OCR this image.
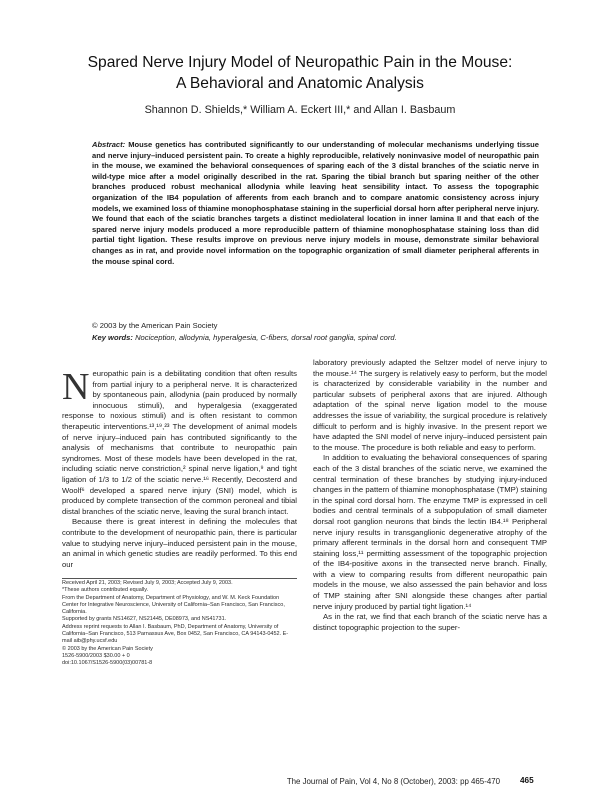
Spared Nerve Injury Model of Neuropathic Pain in the Mouse:
A Behavioral and Anatomic Analysis
Shannon D. Shields,* William A. Eckert III,* and Allan I. Basbaum
Abstract: Mouse genetics has contributed significantly to our understanding of molecular mechanisms underlying tissue and nerve injury–induced persistent pain. To create a highly reproducible, relatively noninvasive model of neuropathic pain in the mouse, we examined the behavioral consequences of sparing each of the 3 distal branches of the sciatic nerve in wild-type mice after a model originally described in the rat. Sparing the tibial branch but sparing neither of the other branches produced robust mechanical allodynia while leaving heat sensibility intact. To assess the topographic organization of the IB4 population of afferents from each branch and to compare anatomic consistency across injury models, we examined loss of thiamine monophosphatase staining in the superficial dorsal horn after peripheral nerve injury. We found that each of the sciatic branches targets a distinct mediolateral location in inner lamina II and that each of the spared nerve injury models produced a more reproducible pattern of thiamine monophosphatase staining loss than did partial tight ligation. These results improve on previous nerve injury models in mouse, demonstrate similar behavioral changes as in rat, and provide novel information on the topographic organization of small diameter peripheral afferents in the mouse spinal cord.
© 2003 by the American Pain Society
Key words: Nociception, allodynia, hyperalgesia, C-fibers, dorsal root ganglia, spinal cord.

Neuropathic pain is a debilitating condition that often results from partial injury to a peripheral nerve. It is characterized by spontaneous pain, allodynia (pain produced by normally innocuous stimuli), and hyperalgesia (exaggerated response to noxious stimuli) and is often resistant to common therapeutic interventions.¹³,¹⁹,²³ The development of animal models of nerve injury–induced pain has contributed significantly to the analysis of mechanisms that contribute to neuropathic pain syndromes. Most of these models have been developed in the rat, including sciatic nerve constriction,² spinal nerve ligation,⁹ and tight ligation of 1/3 to 1/2 of the sciatic nerve.¹⁶ Recently, Decosterd and Woolf⁶ developed a spared nerve injury (SNI) model, which is produced by complete transection of the common peroneal and tibial distal branches of the sciatic nerve, leaving the sural branch intact.

Because there is great interest in defining the molecules that contribute to the development of neuropathic pain, there is particular value to studying nerve injury–induced persistent pain in the mouse, an animal in which genetic studies are readily performed. To this end our

laboratory previously adapted the Seltzer model of nerve injury to the mouse.¹⁴ The surgery is relatively easy to perform, but the model is characterized by considerable variability in the number and particular subsets of peripheral axons that are injured. Although adaptation of the spinal nerve ligation model to the mouse addresses the issue of variability, the surgical procedure is relatively difficult to perform and is highly invasive. In the present report we have adapted the SNI model of nerve injury–induced persistent pain to the mouse. The procedure is both reliable and easy to perform.

In addition to evaluating the behavioral consequences of sparing each of the 3 distal branches of the sciatic nerve, we examined the central termination of these branches by studying injury-induced changes in the pattern of thiamine monophosphatase (TMP) staining in the spinal cord dorsal horn. The enzyme TMP is expressed in cell bodies and central terminals of a subpopulation of small diameter dorsal root ganglion neurons that binds the lectin IB4.¹⁸ Peripheral nerve injury results in transganglionic degenerative atrophy of the primary afferent terminals in the dorsal horn and consequent TMP staining loss,¹¹ permitting assessment of the topographic projection of the IB4-positive axons in the transected nerve branch. Finally, with a view to comparing results from different neuropathic pain models in the mouse, we also assessed the pain behavior and loss of TMP staining after SNI alongside these changes after partial nerve injury produced by partial tight ligation.¹⁴

As in the rat, we find that each branch of the sciatic nerve has a distinct topographic projection to the super-

Received April 21, 2003; Revised July 9, 2003; Accepted July 9, 2003.
*These authors contributed equally.
From the Department of Anatomy, Department of Physiology, and W. M. Keck Foundation Center for Integrative Neuroscience, University of California–San Francisco, San Francisco, California.
Supported by grants NS14627, NS21445, DE08973, and NS41731.
Address reprint requests to Allan I. Basbaum, PhD, Department of Anatomy, University of California–San Francisco, 513 Parnassus Ave, Box 0452, San Francisco, CA 94143-0452. E-mail aib@phy.ucsf.edu
© 2003 by the American Pain Society
1526-5900/2003 $30.00 + 0
doi:10.1067/S1526-5900(03)00781-8
The Journal of Pain, Vol 4, No 8 (October), 2003: pp 465-470 465
